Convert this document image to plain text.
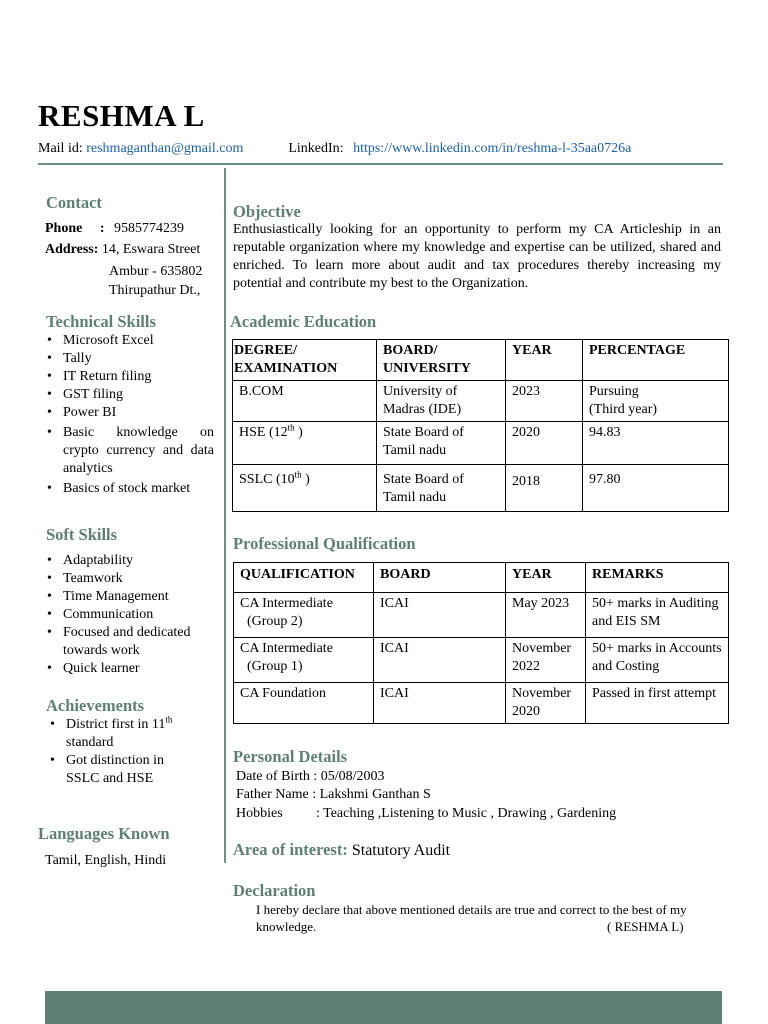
RESHMA L
Mail id: reshmaganthan@gmail.com	LinkedIn: https://www.linkedin.com/in/reshma-l-35aa0726a
Contact
Phone : 9585774239
Address: 14, Eswara Street
Ambur - 635802
Thirupathur Dt.,
Technical Skills
• Microsoft Excel
• Tally
• IT Return filing
• GST filing
• Power BI
• Basic knowledge on crypto currency and data analytics
• Basics of stock market
Soft Skills
• Adaptability
• Teamwork
• Time Management
• Communication
• Focused and dedicated towards work
• Quick learner
Achievements
• District first in 11th standard
• Got distinction in SSLC and HSE
Languages Known
Tamil, English, Hindi
Objective
Enthusiastically looking for an opportunity to perform my CA Articleship in an reputable organization where my knowledge and expertise can be utilized, shared and enriched. To learn more about audit and tax procedures thereby increasing my potential and contribute my best to the Organization.
Academic Education
DEGREE/ EXAMINATION	BOARD/ UNIVERSITY	YEAR	PERCENTAGE
B.COM	University of Madras (IDE)	2023	Pursuing
(Third year)
HSE (12th )	State Board of Tamil nadu	2020	94.83
SSLC (10th )	State Board of Tamil nadu	2018	97.80
Professional Qualification
QUALIFICATION	BOARD	YEAR	REMARKS
CA Intermediate
(Group 2)	ICAI	May 2023	50+ marks in Auditing and EIS SM
CA Intermediate
(Group 1)	ICAI	November 2022	50+ marks in Accounts and Costing
CA Foundation	ICAI	November 2020	Passed in first attempt
Personal Details
Date of Birth : 05/08/2003
Father Name : Lakshmi Ganthan S
Hobbies : Teaching ,Listening to Music , Drawing , Gardening
Area of interest: Statutory Audit
Declaration
I hereby declare that above mentioned details are true and correct to the best of my knowledge.	( RESHMA L)
